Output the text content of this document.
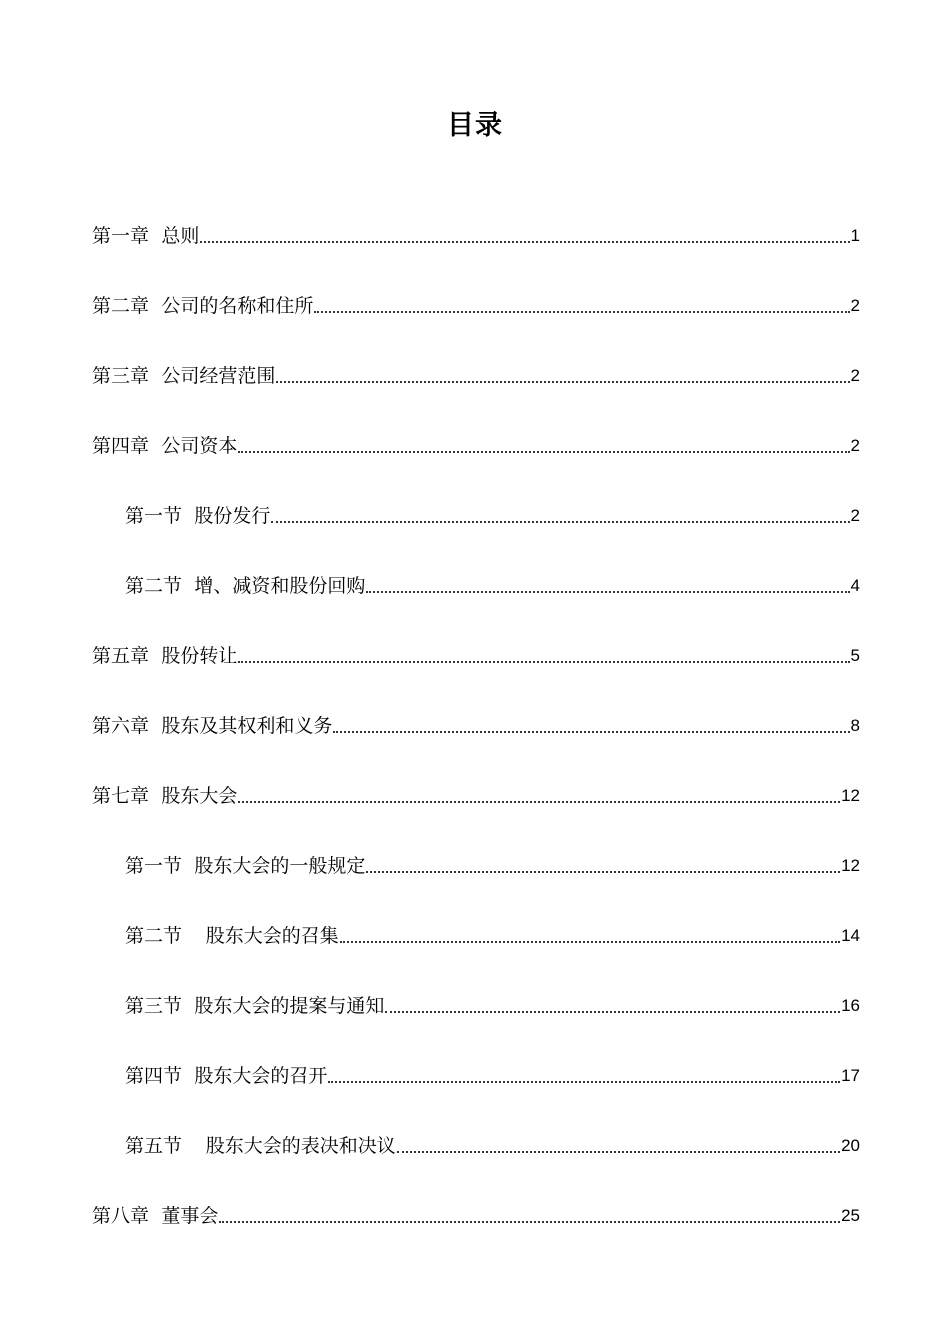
目录
第一章 总则	1
第二章 公司的名称和住所	2
第三章 公司经营范围	2
第四章 公司资本	2
第一节 股份发行	2
第二节 增、减资和股份回购	4
第五章 股份转让	5
第六章 股东及其权利和义务	8
第七章 股东大会	12
第一节 股东大会的一般规定	12
第二节 股东大会的召集	14
第三节 股东大会的提案与通知	16
第四节 股东大会的召开	17
第五节 股东大会的表决和决议	20
第八章 董事会	25
